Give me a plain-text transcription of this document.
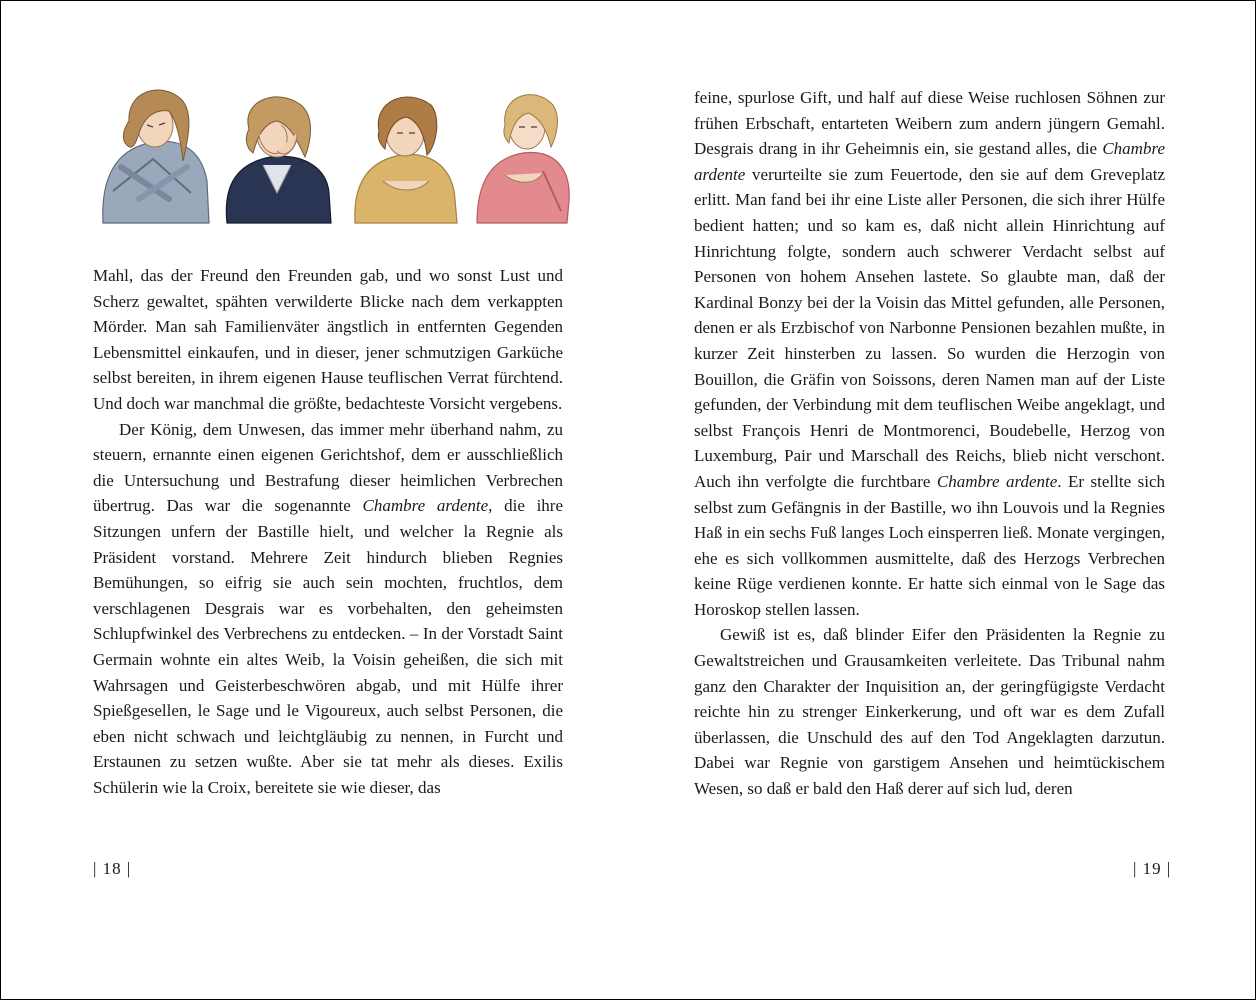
Mahl, das der Freund den Freunden gab, und wo sonst Lust und Scherz gewaltet, spähten verwilderte Blicke nach dem verkappten Mörder. Man sah Familienväter ängstlich in entfernten Gegenden Lebensmittel einkaufen, und in dieser, jener schmutzigen Garküche selbst bereiten, in ihrem eigenen Hause teuflischen Verrat fürchtend. Und doch war manchmal die größte, bedachteste Vorsicht vergebens.

Der König, dem Unwesen, das immer mehr überhand nahm, zu steuern, ernannte einen eigenen Gerichtshof, dem er ausschließlich die Untersuchung und Bestrafung dieser heimlichen Verbrechen übertrug. Das war die sogenannte Chambre ardente, die ihre Sitzungen unfern der Bastille hielt, und welcher la Regnie als Präsident vorstand. Mehrere Zeit hindurch blieben Regnies Bemühungen, so eifrig sie auch sein mochten, fruchtlos, dem verschlagenen Desgrais war es vorbehalten, den geheimsten Schlupfwinkel des Verbrechens zu entdecken. – In der Vorstadt Saint Germain wohnte ein altes Weib, la Voisin geheißen, die sich mit Wahrsagen und Geisterbeschwören abgab, und mit Hülfe ihrer Spießgesellen, le Sage und le Vigoureux, auch selbst Personen, die eben nicht schwach und leichtgläubig zu nennen, in Furcht und Erstaunen zu setzen wußte. Aber sie tat mehr als dieses. Exilis Schülerin wie la Croix, bereitete sie wie dieser, das

| 18 |

feine, spurlose Gift, und half auf diese Weise ruchlosen Söhnen zur frühen Erbschaft, entarteten Weibern zum andern jüngern Gemahl. Desgrais drang in ihr Geheimnis ein, sie gestand alles, die Chambre ardente verurteilte sie zum Feuertode, den sie auf dem Greveplatz erlitt. Man fand bei ihr eine Liste aller Personen, die sich ihrer Hülfe bedient hatten; und so kam es, daß nicht allein Hinrichtung auf Hinrichtung folgte, sondern auch schwerer Verdacht selbst auf Personen von hohem Ansehen lastete. So glaubte man, daß der Kardinal Bonzy bei der la Voisin das Mittel gefunden, alle Personen, denen er als Erzbischof von Narbonne Pensionen bezahlen mußte, in kurzer Zeit hinsterben zu lassen. So wurden die Herzogin von Bouillon, die Gräfin von Soissons, deren Namen man auf der Liste gefunden, der Verbindung mit dem teuflischen Weibe angeklagt, und selbst François Henri de Montmorenci, Boudebelle, Herzog von Luxemburg, Pair und Marschall des Reichs, blieb nicht verschont. Auch ihn verfolgte die furchtbare Chambre ardente. Er stellte sich selbst zum Gefängnis in der Bastille, wo ihn Louvois und la Regnies Haß in ein sechs Fuß langes Loch einsperren ließ. Monate vergingen, ehe es sich vollkommen ausmittelte, daß des Herzogs Verbrechen keine Rüge verdienen konnte. Er hatte sich einmal von le Sage das Horoskop stellen lassen.

Gewiß ist es, daß blinder Eifer den Präsidenten la Regnie zu Gewaltstreichen und Grausamkeiten verleitete. Das Tribunal nahm ganz den Charakter der Inquisition an, der geringfügigste Verdacht reichte hin zu strenger Einkerkerung, und oft war es dem Zufall überlassen, die Unschuld des auf den Tod Angeklagten darzutun. Dabei war Regnie von garstigem Ansehen und heimtückischem Wesen, so daß er bald den Haß derer auf sich lud, deren

| 19 |
